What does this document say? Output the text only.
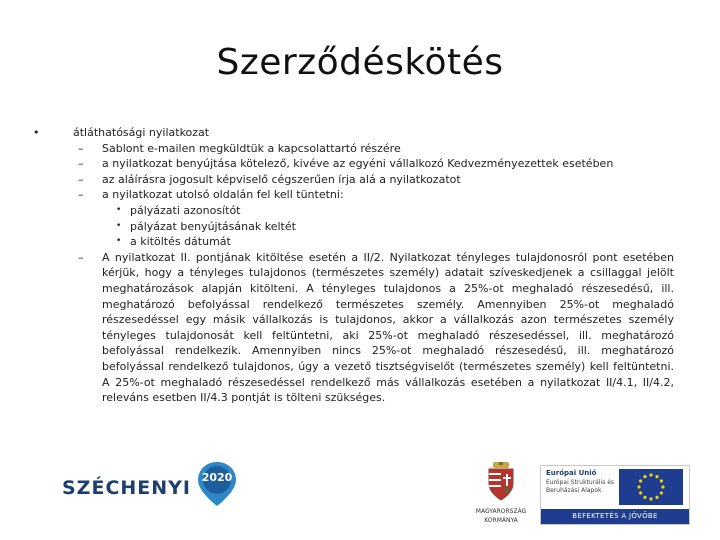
Szerződéskötés
•	átláthatósági nyilatkozat
– Sablont e-mailen megküldtük a kapcsolattartó részére
– a nyilatkozat benyújtása kötelező, kivéve az egyéni vállalkozó Kedvezményezettek esetében
– az aláírásra jogosult képviselő cégszerűen írja alá a nyilatkozatot
– a nyilatkozat utolsó oldalán fel kell tüntetni:
• pályázati azonosítót
• pályázat benyújtásának keltét
• a kitöltés dátumát
– A nyilatkozat II. pontjának kitöltése esetén a II/2. Nyilatkozat tényleges tulajdonosról pont esetében kérjük, hogy a tényleges tulajdonos (természetes személy) adatait szíveskedjenek a csillaggal jelölt meghatározások alapján kitölteni. A tényleges tulajdonos a 25%-ot meghaladó részesedésű, ill. meghatározó befolyással rendelkező természetes személy. Amennyiben 25%-ot meghaladó részesedéssel egy másik vállalkozás is tulajdonos, akkor a vállalkozás azon természetes személy tényleges tulajdonosát kell feltüntetni, aki 25%-ot meghaladó részesedéssel, ill. meghatározó befolyással rendelkezik. Amennyiben nincs 25%-ot meghaladó részesedésű, ill. meghatározó befolyással rendelkező tulajdonos, úgy a vezető tisztségviselőt (természetes személy) kell feltüntetni. A 25%-ot meghaladó részesedéssel rendelkező más vállalkozás esetében a nyilatkozat II/4.1, II/4.2, releváns esetben II/4.3 pontját is tölteni szükséges.
SZÉCHENYI 2020
MAGYARORSZÁG
KORMÁNYA
Európai Unió
Európai Strukturális és Beruházási Alapok
BEFEKTETÉS A JÖVŐBE
